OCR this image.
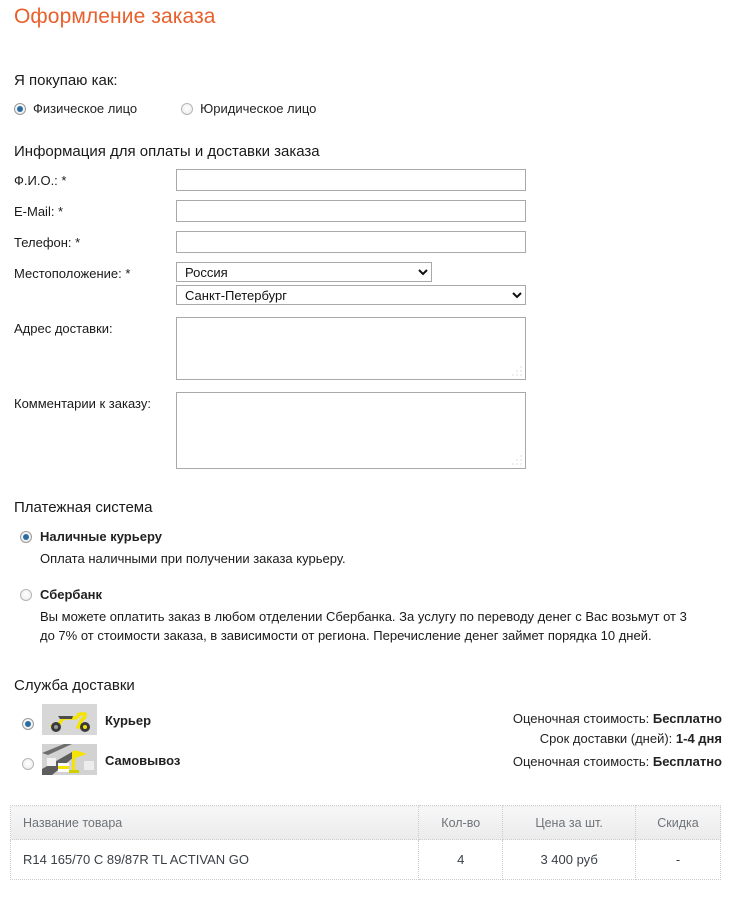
Оформление заказа
Я покупаю как:
Физическое лицо	Юридическое лицо
Информация для оплаты и доставки заказа
Ф.И.О.: *
E-Mail: *
Телефон: *
Местоположение: *
Россия
Санкт-Петербург
Адрес доставки:
Комментарии к заказу:
Платежная система
Наличные курьеру
Оплата наличными при получении заказа курьеру.
Сбербанк
Вы можете оплатить заказ в любом отделении Сбербанка. За услугу по переводу денег с Вас возьмут от 3 до 7% от стоимости заказа, в зависимости от региона. Перечисление денег займет порядка 10 дней.
Служба доставки
Курьер	Оценочная стоимость: Бесплатно
Срок доставки (дней): 1-4 дня
Самовывоз	Оценочная стоимость: Бесплатно
Название товара	Кол-во	Цена за шт.	Скидка
R14 165/70 C 89/87R TL ACTIVAN GO	4	3 400 руб	-
